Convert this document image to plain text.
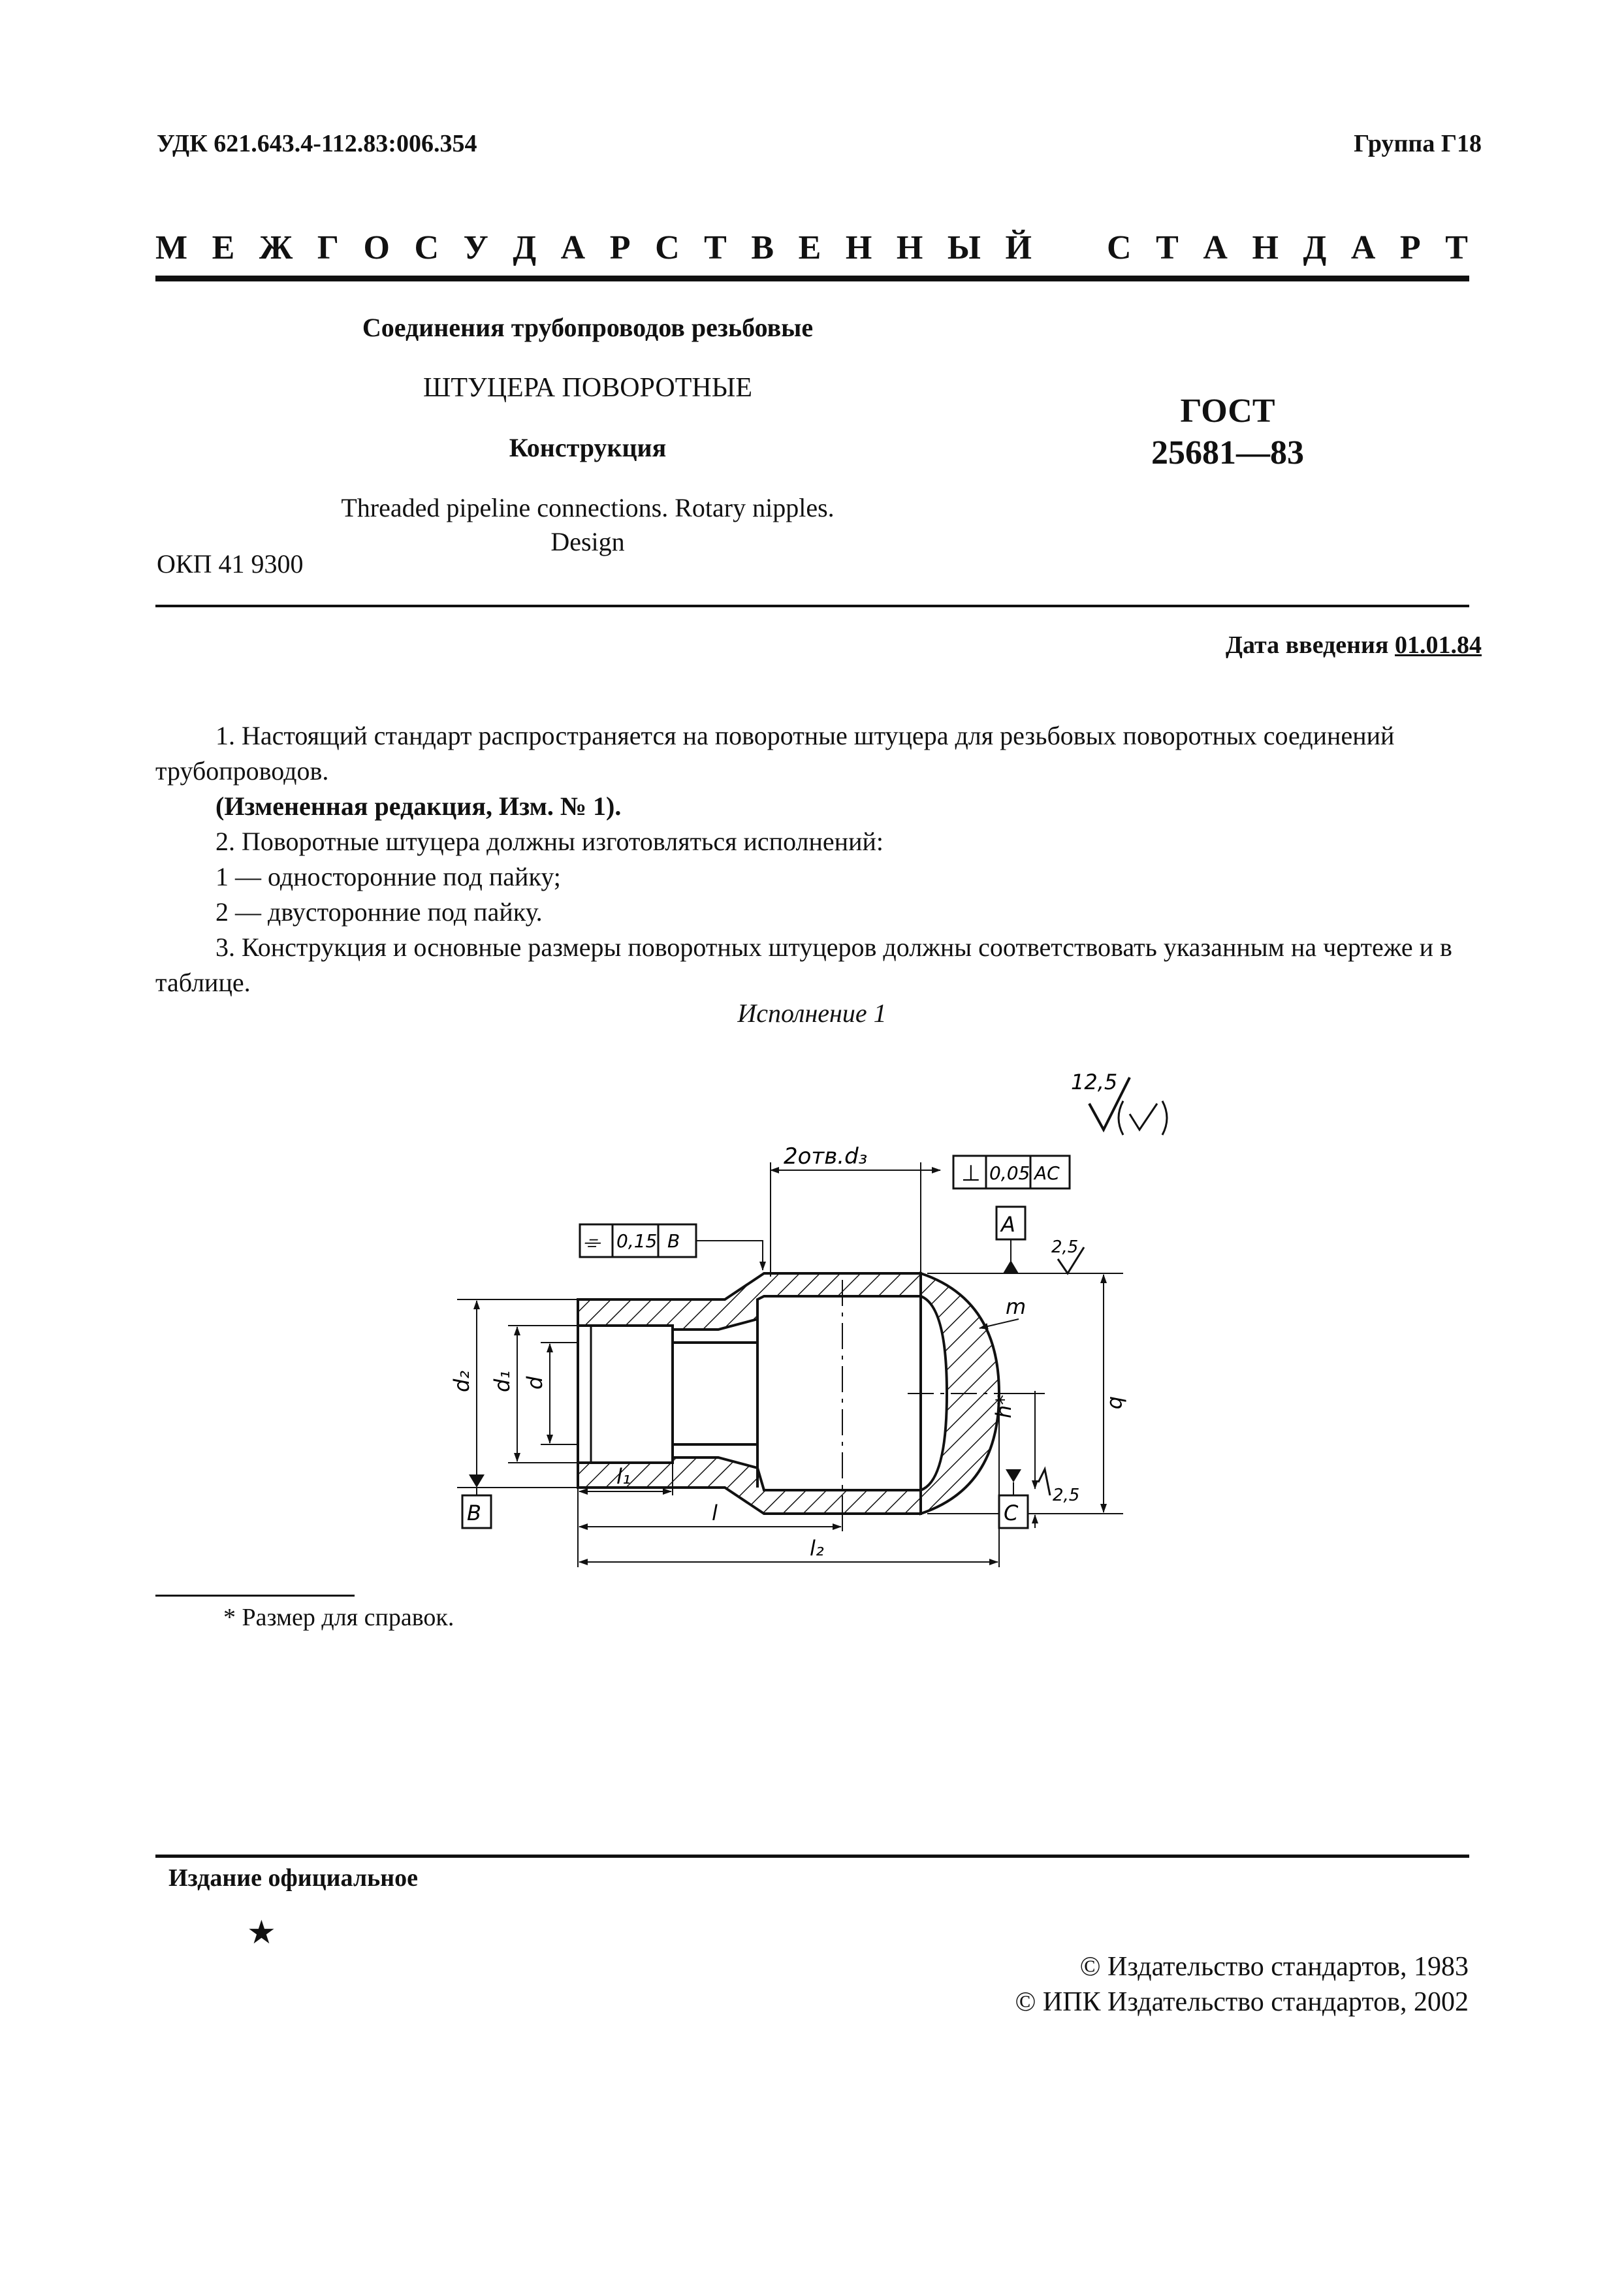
УДК 621.643.4-112.83:006.354	Группа Г18
М Е Ж Г О С У Д А Р С Т В Е Н Н Ы Й С Т А Н Д А Р Т
Соединения трубопроводов резьбовые
ШТУЦЕРА ПОВОРОТНЫЕ
Конструкция
ГОСТ
25681—83
Threaded pipeline connections. Rotary nipples.
Design
ОКП 41 9300
Дата введения 01.01.84

1. Настоящий стандарт распространяется на поворотные штуцера для резьбовых поворотных соединений трубопроводов.

(Измененная редакция, Изм. № 1).

2. Поворотные штуцера должны изготовляться исполнений:

1 — односторонние под пайку;

2 — двусторонние под пайку.

3. Конструкция и основные размеры поворотных штуцеров должны соответствовать указанным на чертеже и в таблице.

Исполнение 1
12,5
2отв.d₃
⊥ 0,05 AC
A
2,5
⌯ 0,15 B
m
b
h*
C
2,5
d₂ d₁ d
B
l₁
l
l₂
* Размер для справок.
Издание официальное
★
© Издательство стандартов, 1983
© ИПК Издательство стандартов, 2002
